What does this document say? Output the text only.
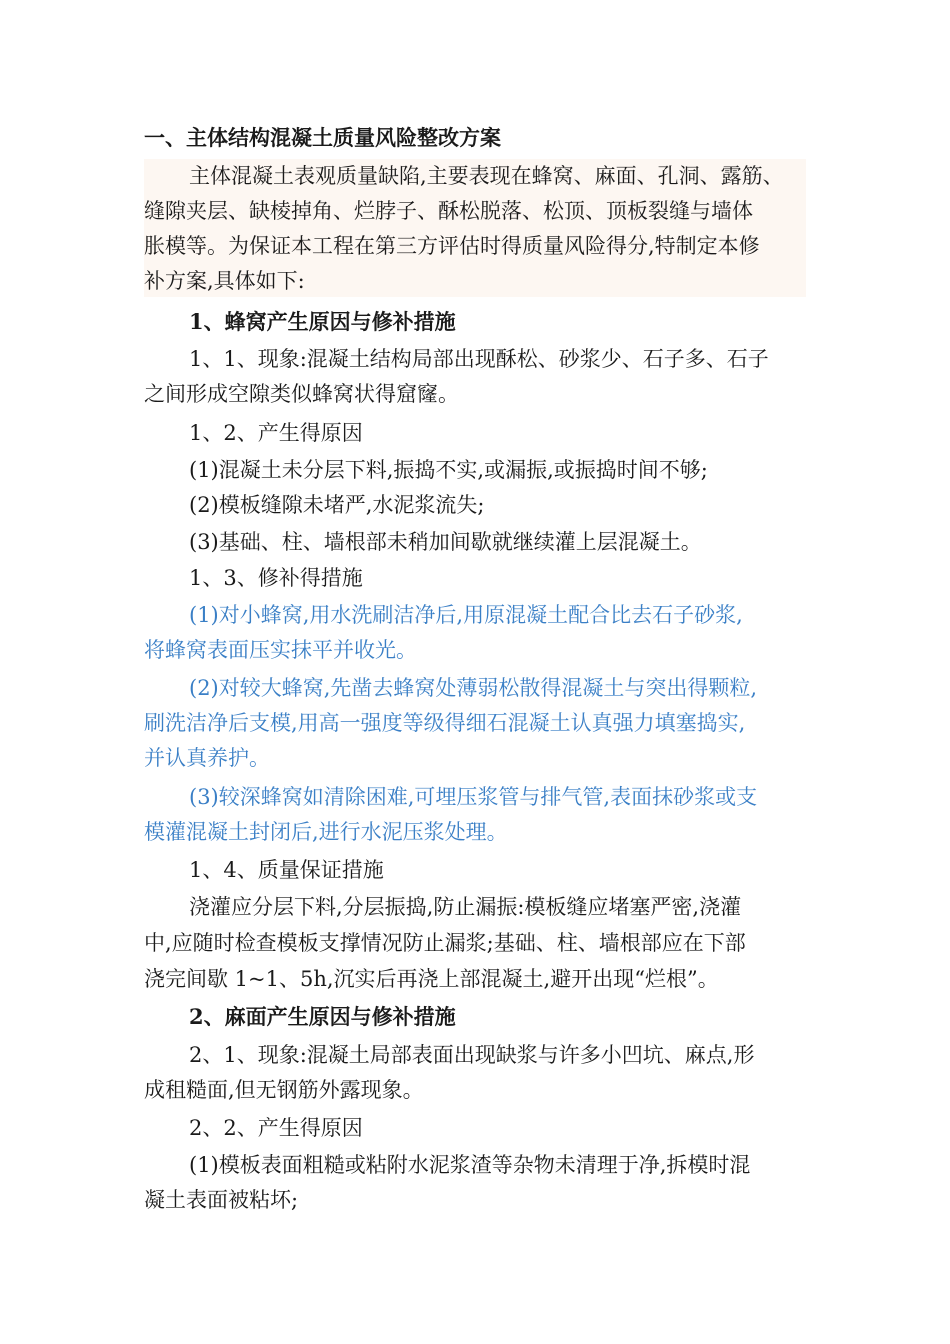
一、主体结构混凝土质量风险整改方案
主体混凝土表观质量缺陷,主要表现在蜂窝、麻面、孔洞、露筋、
缝隙夹层、缺棱掉角、烂脖子、酥松脱落、松顶、顶板裂缝与墙体
胀模等。为保证本工程在第三方评估时得质量风险得分,特制定本修
补方案,具体如下:
1、蜂窝产生原因与修补措施
1、1、现象:混凝土结构局部出现酥松、砂浆少、石子多、石子
之间形成空隙类似蜂窝状得窟窿。
1、2、产生得原因
(1)混凝土未分层下料,振捣不实,或漏振,或振捣时间不够;
(2)模板缝隙未堵严,水泥浆流失;
(3)基础、柱、墙根部未稍加间歇就继续灌上层混凝土。
1、3、修补得措施
(1)对小蜂窝,用水洗刷洁净后,用原混凝土配合比去石子砂浆,
将蜂窝表面压实抹平并收光。
(2)对较大蜂窝,先凿去蜂窝处薄弱松散得混凝土与突出得颗粒,
刷洗洁净后支模,用高一强度等级得细石混凝土认真强力填塞捣实,
并认真养护。
(3)较深蜂窝如清除困难,可埋压浆管与排气管,表面抹砂浆或支
模灌混凝土封闭后,进行水泥压浆处理。
1、4、质量保证措施
浇灌应分层下料,分层振捣,防止漏振:模板缝应堵塞严密,浇灌
中,应随时检查模板支撑情况防止漏浆;基础、柱、墙根部应在下部
浇完间歇 1~1、5h,沉实后再浇上部混凝土,避开出现“烂根”。
2、麻面产生原因与修补措施
2、1、现象:混凝土局部表面出现缺浆与许多小凹坑、麻点,形
成租糙面,但无钢筋外露现象。
2、2、产生得原因
(1)模板表面粗糙或粘附水泥浆渣等杂物未清理于净,拆模时混
凝土表面被粘坏;
